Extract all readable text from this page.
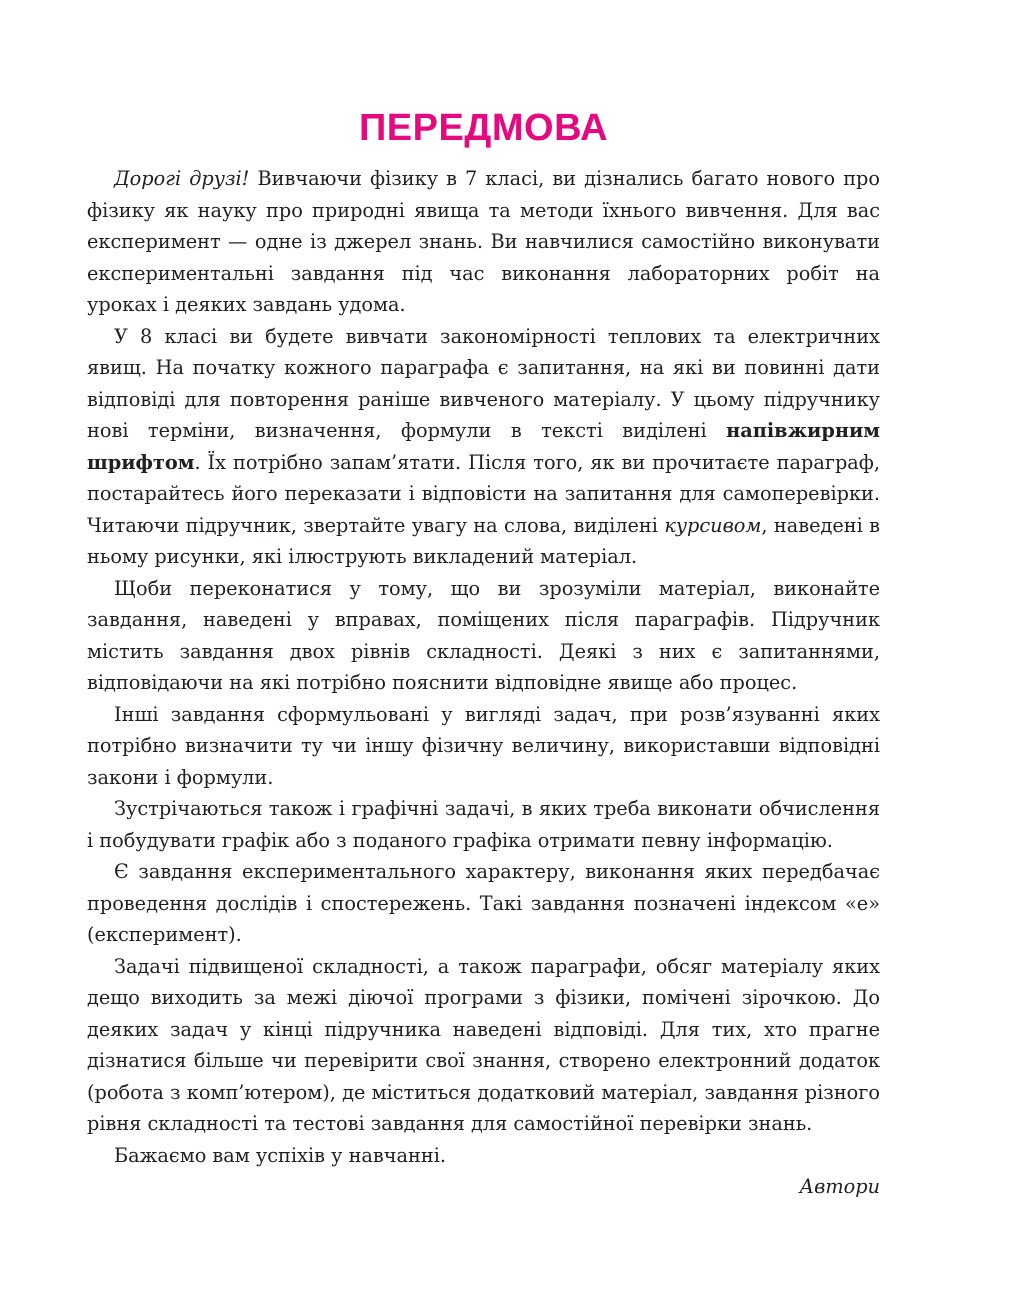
ПЕРЕДМОВА

Дорогі друзі! Вивчаючи фізику в 7 класі, ви дізнались багато нового про фізику як науку про природні явища та методи їхнього вивчення. Для вас експеримент — одне із джерел знань. Ви навчилися самостійно виконувати експериментальні завдання під час виконання лабораторних робіт на уроках і деяких завдань удома.

У 8 класі ви будете вивчати закономірності теплових та електричних явищ. На початку кожного параграфа є запитання, на які ви повинні дати відповіді для повторення раніше вивченого матеріалу. У цьому підручнику нові терміни, визначення, формули в тексті виділені напівжирним шрифтом. Їх потрібно запам’ятати. Після того, як ви прочитаєте параграф, постарайтесь його переказати і відповісти на запитання для самоперевірки. Читаючи підручник, звертайте увагу на слова, виділені курсивом, наведені в ньому рисунки, які ілюструють викладений матеріал.

Щоби переконатися у тому, що ви зрозуміли матеріал, виконайте завдання, наведені у вправах, поміщених після параграфів. Підручник містить завдання двох рівнів складності. Деякі з них є запитаннями, відповідаючи на які потрібно пояснити відповідне явище або процес.

Інші завдання сформульовані у вигляді задач, при розв’язуванні яких потрібно визначити ту чи іншу фізичну величину, використавши відповідні закони і формули.

Зустрічаються також і графічні задачі, в яких треба виконати обчислення і побудувати графік або з поданого графіка отримати певну інформацію.

Є завдання експериментального характеру, виконання яких передбачає проведення дослідів і спостережень. Такі завдання позначені індексом «е» (експеримент).

Задачі підвищеної складності, а також параграфи, обсяг матеріалу яких дещо виходить за межі діючої програми з фізики, помічені зірочкою. До деяких задач у кінці підручника наведені відповіді. Для тих, хто прагне дізнатися більше чи перевірити свої знання, створено електронний додаток (робота з комп’ютером), де міститься додатковий матеріал, завдання різного рівня складності та тестові завдання для самостійної перевірки знань.

Бажаємо вам успіхів у навчанні.

Автори
